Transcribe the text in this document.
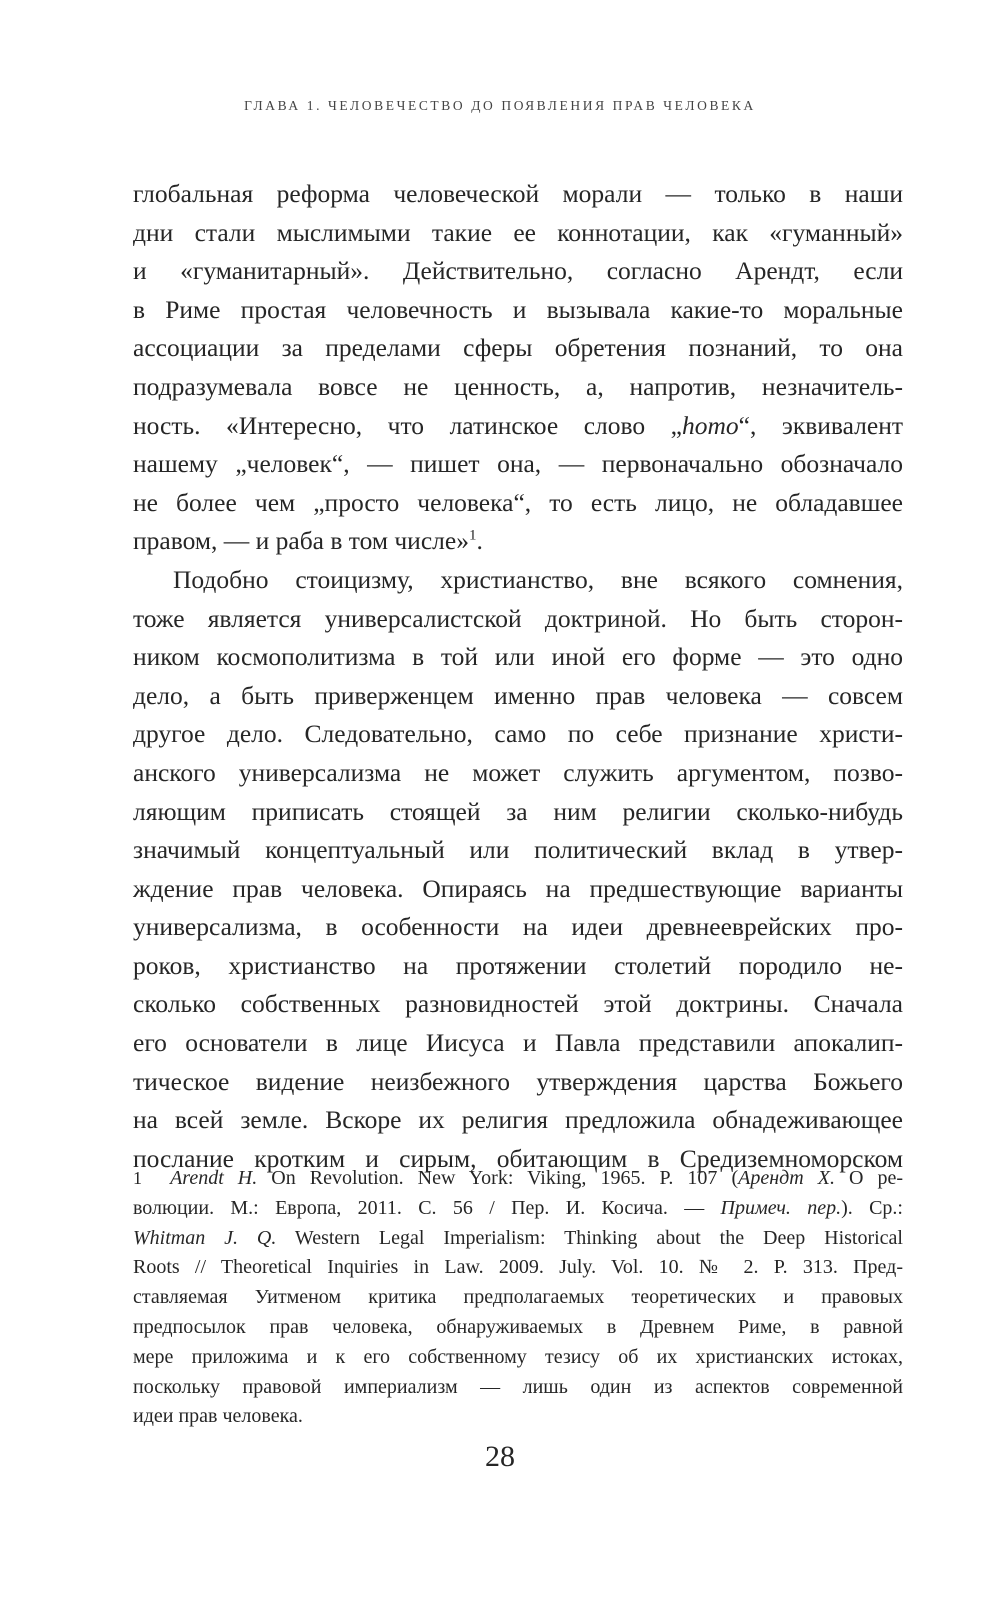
ГЛАВА 1. ЧЕЛОВЕЧЕСТВО ДО ПОЯВЛЕНИЯ ПРАВ ЧЕЛОВЕКА
глобальная реформа человеческой морали — только в наши
дни стали мыслимыми такие ее коннотации, как «гуманный»
и «гуманитарный». Действительно, согласно Арендт, если
в Риме простая человечность и вызывала какие-то моральные
ассоциации за пределами сферы обретения познаний, то она
подразумевала вовсе не ценность, а, напротив, незначитель-
ность. «Интересно, что латинское слово „homo“, эквивалент
нашему „человек“, — пишет она, — первоначально обозначало
не более чем „просто человека“, то есть лицо, не обладавшее
правом, — и раба в том числе»$^1$.
Подобно стоицизму, христианство, вне всякого сомнения,
тоже является универсалистской доктриной. Но быть сторон-
ником космополитизма в той или иной его форме — это одно
дело, а быть приверженцем именно прав человека — совсем
другое дело. Следовательно, само по себе признание христи-
анского универсализма не может служить аргументом, позво-
ляющим приписать стоящей за ним религии сколько-нибудь
значимый концептуальный или политический вклад в утвер-
ждение прав человека. Опираясь на предшествующие варианты
универсализма, в особенности на идеи древнееврейских про-
роков, христианство на протяжении столетий породило не-
сколько собственных разновидностей этой доктрины. Сначала
его основатели в лице Иисуса и Павла представили апокалип-
тическое видение неизбежного утверждения царства Божьего
на всей земле. Вскоре их религия предложила обнадеживающее
послание кротким и сирым, обитающим в Средиземноморском
1 Arendt H. On Revolution. New York: Viking, 1965. P. 107 (Арендт Х. О ре-
волюции. М.: Европа, 2011. С. 56 / Пер. И. Косича. — Примеч. пер.). Ср.:
Whitman J. Q. Western Legal Imperialism: Thinking about the Deep Historical
Roots // Theoretical Inquiries in Law. 2009. July. Vol. 10. № 2. P. 313. Пред-
ставляемая Уитменом критика предполагаемых теоретических и правовых
предпосылок прав человека, обнаруживаемых в Древнем Риме, в равной
мере приложима и к его собственному тезису об их христианских истоках,
поскольку правовой империализм — лишь один из аспектов современной
идеи прав человека.
28
